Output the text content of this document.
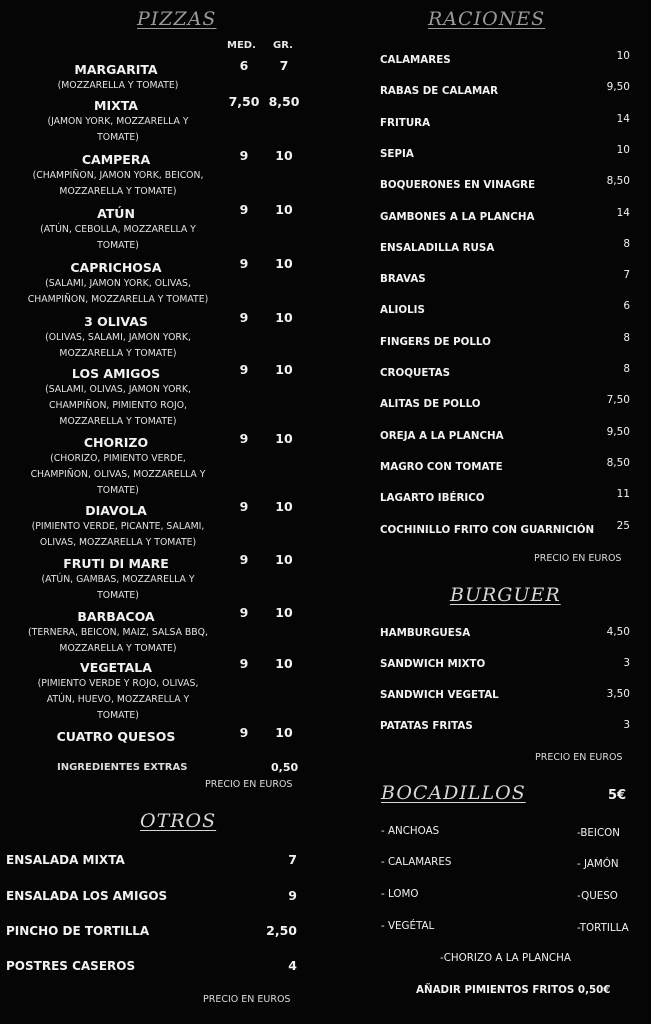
PIZZAS
MED. GR.
MARGARITA	6	7
(MOZZARELLA Y TOMATE)
MIXTA	7,50 8,50
(JAMON YORK, MOZZARELLA Y
TOMATE)
CAMPERA	9	10
(CHAMPIÑON, JAMON YORK, BEICON,
MOZZARELLA Y TOMATE)
ATÚN	9	10
(ATÚN, CEBOLLA, MOZZARELLA Y
TOMATE)
CAPRICHOSA	9	10
(SALAMI, JAMON YORK, OLIVAS,
CHAMPIÑON, MOZZARELLA Y TOMATE)
3 OLIVAS	9	10
(OLIVAS, SALAMI, JAMON YORK,
MOZZARELLA Y TOMATE)
LOS AMIGOS	9	10
(SALAMI, OLIVAS, JAMON YORK,
CHAMPIÑON, PIMIENTO ROJO,
MOZZARELLA Y TOMATE)
CHORIZO	9	10
(CHORIZO, PIMIENTO VERDE,
CHAMPIÑON, OLIVAS, MOZZARELLA Y
TOMATE)
DIAVOLA	9	10
(PIMIENTO VERDE, PICANTE, SALAMI,
OLIVAS, MOZZARELLA Y TOMATE)
FRUTI DI MARE	9	10
(ATÚN, GAMBAS, MOZZARELLA Y
TOMATE)
BARBACOA	9	10
(TERNERA, BEICON, MAIZ, SALSA BBQ,
MOZZARELLA Y TOMATE)
VEGETALA	9	10
(PIMIENTO VERDE Y ROJO, OLIVAS,
ATÚN, HUEVO, MOZZARELLA Y
TOMATE)
CUATRO QUESOS	9	10
INGREDIENTES EXTRAS	0,50
PRECIO EN EUROS
OTROS
ENSALADA MIXTA	7
ENSALADA LOS AMIGOS	9
PINCHO DE TORTILLA	2,50
POSTRES CASEROS	4
PRECIO EN EUROS
RACIONES
CALAMARES	10
RABAS DE CALAMAR	9,50
FRITURA	14
SEPIA	10
BOQUERONES EN VINAGRE	8,50
GAMBONES A LA PLANCHA	14
ENSALADILLA RUSA	8
BRAVAS	7
ALIOLIS	6
FINGERS DE POLLO	8
CROQUETAS	8
ALITAS DE POLLO	7,50
OREJA A LA PLANCHA	9,50
MAGRO CON TOMATE	8,50
LAGARTO IBÉRICO	11
COCHINILLO FRITO CON GUARNICIÓN	25
PRECIO EN EUROS
BURGUER
HAMBURGUESA	4,50
SANDWICH MIXTO	3
SANDWICH VEGETAL	3,50
PATATAS FRITAS	3
PRECIO EN EUROS
BOCADILLOS	5€
- ANCHOAS
- CALAMARES
- LOMO
- VEGÉTAL
-BEICON
- JAMÓN
-QUESO
-TORTILLA
-CHORIZO A LA PLANCHA
AÑADIR PIMIENTOS FRITOS 0,50€
